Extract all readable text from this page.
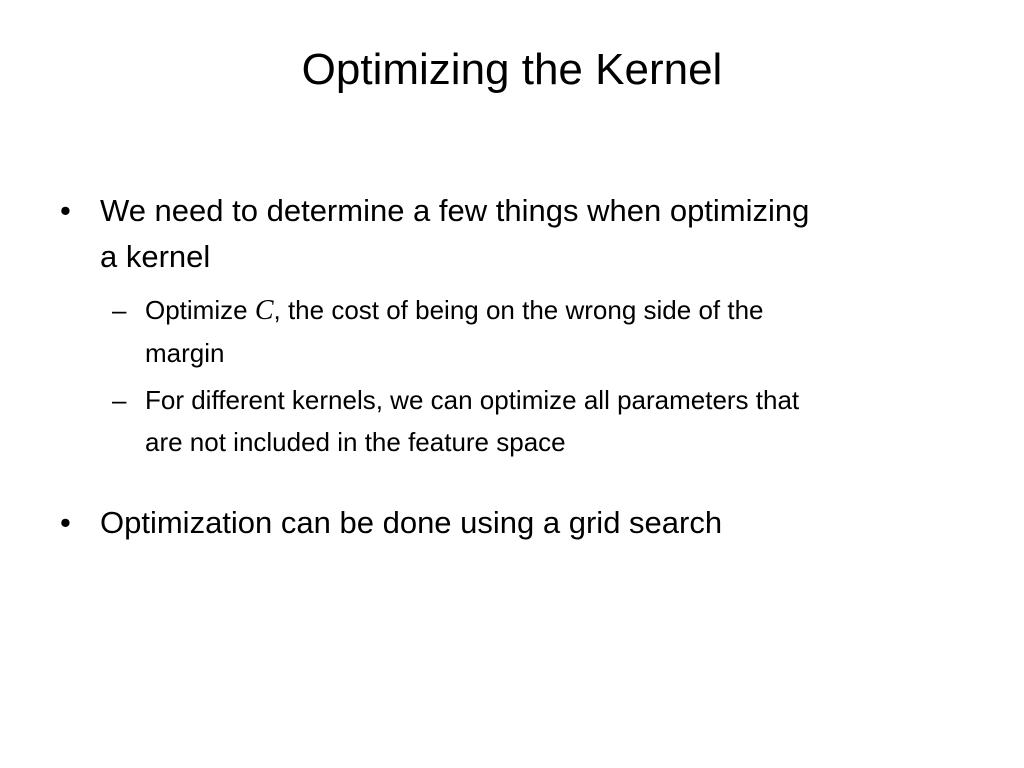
Optimizing the Kernel
• We need to determine a few things when optimizing
a kernel
– Optimize C, the cost of being on the wrong side of the
margin
– For different kernels, we can optimize all parameters that
are not included in the feature space
• Optimization can be done using a grid search
